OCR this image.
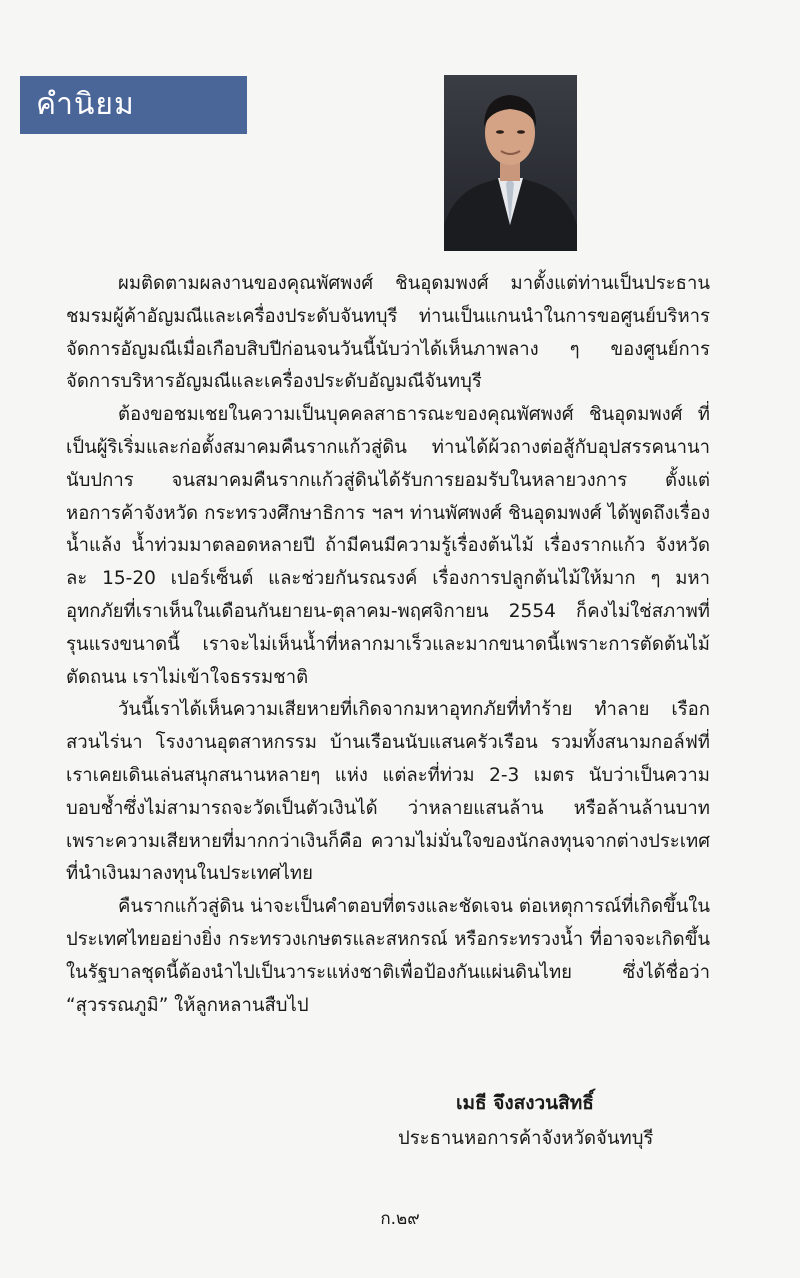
คำนิยม

ผมติดตามผลงานของคุณพัศพงศ์ ชินอุดมพงศ์ มาตั้งแต่ท่านเป็นประธานชมรมผู้ค้าอัญมณีและเครื่องประดับจันทบุรี ท่านเป็นแกนนำในการขอศูนย์บริหารจัดการอัญมณีเมื่อเกือบสิบปีก่อนจนวันนี้นับว่าได้เห็นภาพลาง ๆ ของศูนย์การจัดการบริหารอัญมณีและเครื่องประดับอัญมณีจันทบุรี

ต้องขอชมเชยในความเป็นบุคคลสาธารณะของคุณพัศพงศ์ ชินอุดมพงศ์ ที่เป็นผู้ริเริ่มและก่อตั้งสมาคมคืนรากแก้วสู่ดิน ท่านได้ผ้วถางต่อสู้กับอุปสรรคนานานับปการ จนสมาคมคืนรากแก้วสู่ดินได้รับการยอมรับในหลายวงการ ตั้งแต่หอการค้าจังหวัด กระทรวงศึกษาธิการ ฯลฯ ท่านพัศพงศ์ ชินอุดมพงศ์ ได้พูดถึงเรื่องน้ำแล้ง น้ำท่วมมาตลอดหลายปี ถ้ามีคนมีความรู้เรื่องต้นไม้ เรื่องรากแก้ว จังหวัดละ 15-20 เปอร์เซ็นต์ และช่วยกันรณรงค์ เรื่องการปลูกต้นไม้ให้มาก ๆ มหาอุทกภัยที่เราเห็นในเดือนกันยายน-ตุลาคม-พฤศจิกายน 2554 ก็คงไม่ใช่สภาพที่รุนแรงขนาดนี้ เราจะไม่เห็นน้ำที่หลากมาเร็วและมากขนาดนี้เพราะการตัดต้นไม้ ตัดถนน เราไม่เข้าใจธรรมชาติ

วันนี้เราได้เห็นความเสียหายที่เกิดจากมหาอุทกภัยที่ทำร้าย ทำลาย เรือก สวนไร่นา โรงงานอุตสาหกรรม บ้านเรือนนับแสนครัวเรือน รวมทั้งสนามกอล์ฟที่เราเคยเดินเล่นสนุกสนานหลายๆ แห่ง แต่ละที่ท่วม 2-3 เมตร นับว่าเป็นความบอบช้ำซึ่งไม่สามารถจะวัดเป็นตัวเงินได้ ว่าหลายแสนล้าน หรือล้านล้านบาท เพราะความเสียหายที่มากกว่าเงินก็คือ ความไม่มั่นใจของนักลงทุนจากต่างประเทศที่นำเงินมาลงทุนในประเทศไทย

คืนรากแก้วสู่ดิน น่าจะเป็นคำตอบที่ตรงและชัดเจน ต่อเหตุการณ์ที่เกิดขึ้นในประเทศไทยอย่างยิ่ง กระทรวงเกษตรและสหกรณ์ หรือกระทรวงน้ำ ที่อาจจะเกิดขึ้นในรัฐบาลชุดนี้ต้องนำไปเป็นวาระแห่งชาติเพื่อป้องกันแผ่นดินไทย ซึ่งได้ชื่อว่า “สุวรรณภูมิ” ให้ลูกหลานสืบไป

เมธี จึงสงวนสิทธิ์
ประธานหอการค้าจังหวัดจันทบุรี
ก.๒๙
